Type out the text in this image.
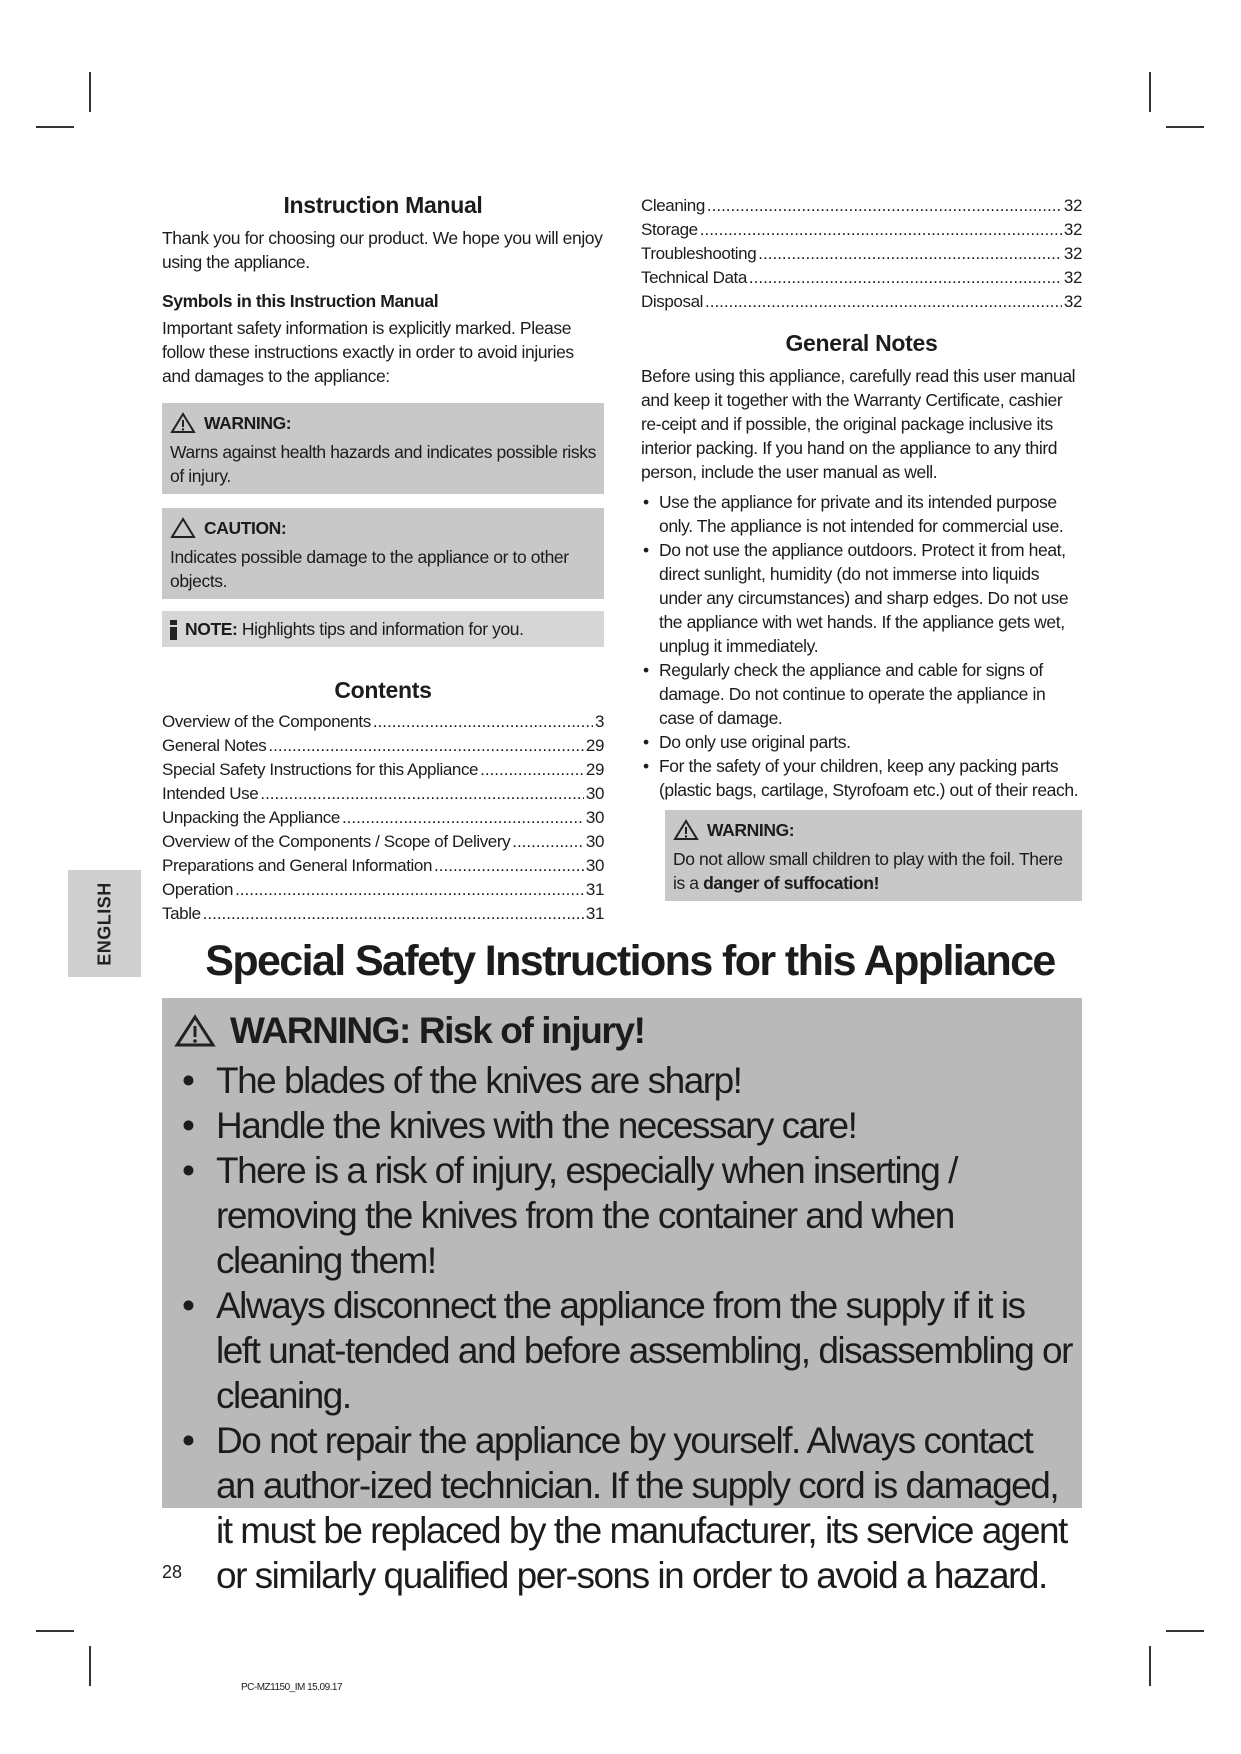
ENGLISH
Instruction Manual
Thank you for choosing our product. We hope you will enjoy using the appliance.
Symbols in this Instruction Manual
Important safety information is explicitly marked. Please follow these instructions exactly in order to avoid injuries and damages to the appliance:
WARNING:
Warns against health hazards and indicates possible risks of injury.
CAUTION:
Indicates possible damage to the appliance or to other objects.
NOTE: Highlights tips and information for you.
Contents
Overview of the Components .....	3
General Notes .....	29
Special Safety Instructions for this Appliance .....	29
Intended Use .....	30
Unpacking the Appliance .....	30
Overview of the Components / Scope of Delivery .....	30
Preparations and General Information .....	30
Operation .....	31
Table .....	31
Cleaning .....	32
Storage .....	32
Troubleshooting .....	32
Technical Data .....	32
Disposal .....	32
General Notes
Before using this appliance, carefully read this user manual and keep it together with the Warranty Certificate, cashier re-ceipt and if possible, the original package inclusive its interior packing. If you hand on the appliance to any third person, include the user manual as well.
• Use the appliance for private and its intended purpose only. The appliance is not intended for commercial use.
• Do not use the appliance outdoors. Protect it from heat, direct sunlight, humidity (do not immerse into liquids under any circumstances) and sharp edges. Do not use the appliance with wet hands. If the appliance gets wet, unplug it immediately.
• Regularly check the appliance and cable for signs of damage. Do not continue to operate the appliance in case of damage.
• Do only use original parts.
• For the safety of your children, keep any packing parts (plastic bags, cartilage, Styrofoam etc.) out of their reach.
WARNING:
Do not allow small children to play with the foil. There is a danger of suffocation!
Special Safety Instructions for this Appliance
WARNING: Risk of injury!
• The blades of the knives are sharp!
• Handle the knives with the necessary care!
• There is a risk of injury, especially when inserting / removing the knives from the container and when cleaning them!
• Always disconnect the appliance from the supply if it is left unat-tended and before assembling, disassembling or cleaning.
• Do not repair the appliance by yourself. Always contact an author-ized technician. If the supply cord is damaged, it must be replaced by the manufacturer, its service agent or similarly qualified per-sons in order to avoid a hazard.
28
PC-MZ1150_IM 15.09.17
